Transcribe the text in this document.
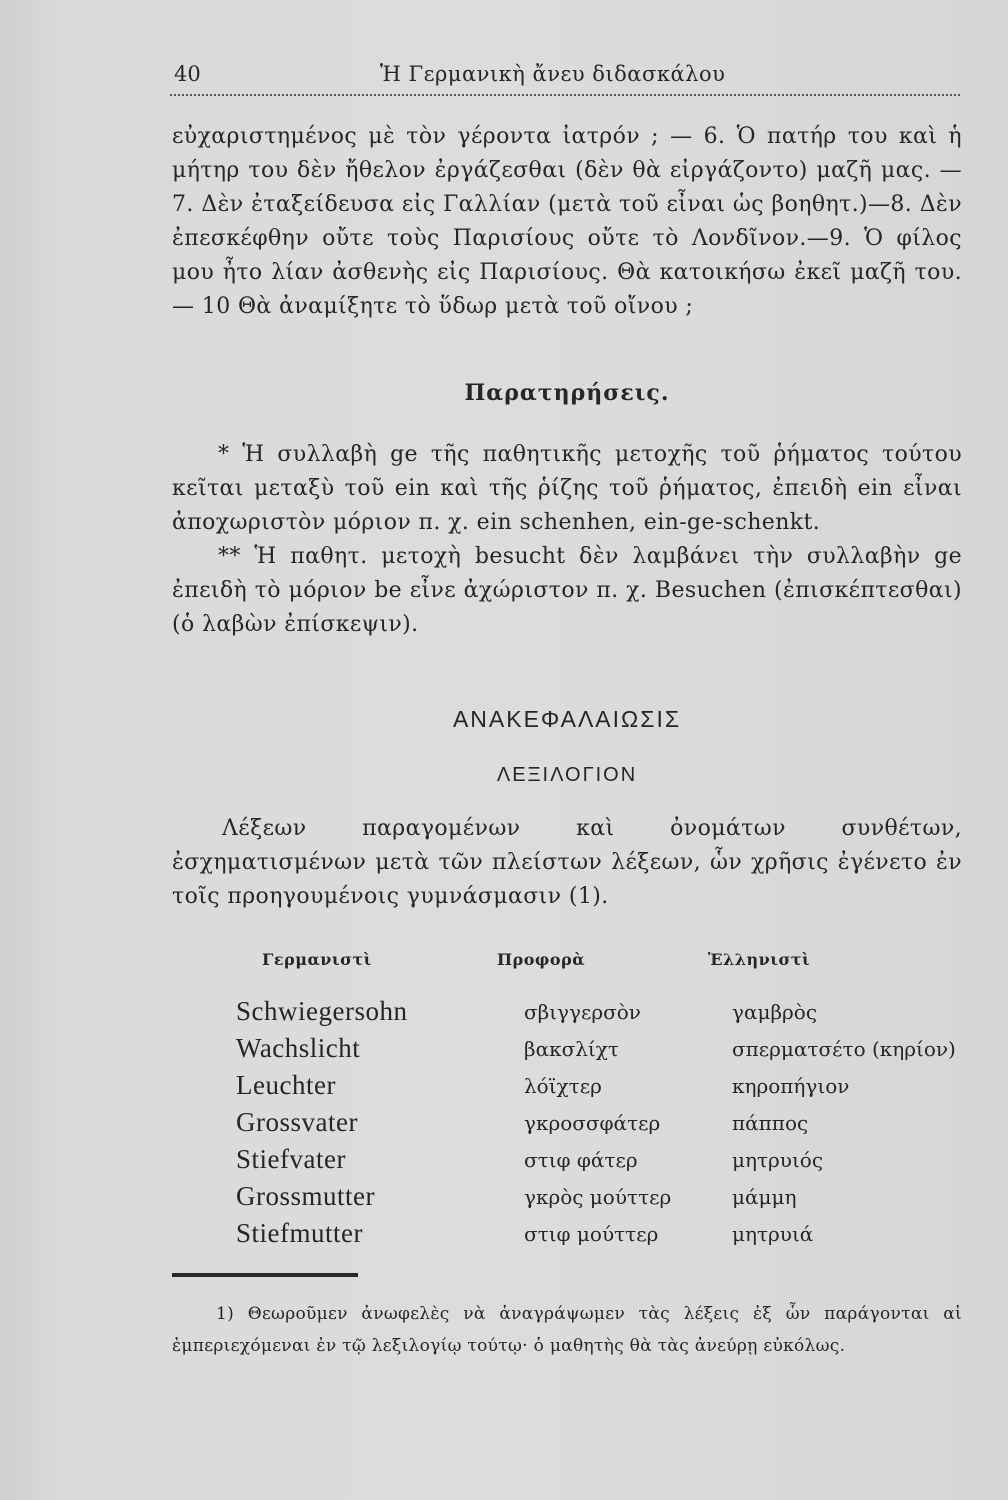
40	Ἡ Γερμανικὴ ἄνευ διδασκάλου
εὐχαριστημένος μὲ τὸν γέροντα ἰατρόν ; — 6. Ὁ πατήρ του καὶ ἡ μήτηρ του δὲν ἤθελον ἐργάζεσθαι (δὲν θὰ εἰργάζοντο) μαζῆ μας. — 7. Δὲν ἐταξείδευσα εἰς Γαλλίαν (μετὰ τοῦ εἶναι ὡς βοηθητ.)—8. Δὲν ἐπεσκέφθην οὔτε τοὺς Παρισίους οὔτε τὸ Λονδῖνον.—9. Ὁ φίλος μου ἦτο λίαν ἀσθενὴς εἰς Παρισίους. Θὰ κατοικήσω ἐκεῖ μαζῆ του.— 10 Θὰ ἀναμίξητε τὸ ὕδωρ μετὰ τοῦ οἴνου ;
Παρατηρήσεις.

* Ἡ συλλαβὴ ge τῆς παθητικῆς μετοχῆς τοῦ ῥήματος τούτου κεῖται μεταξὺ τοῦ ein καὶ τῆς ῥίζης τοῦ ῥήματος, ἐπειδὴ ein εἶναι ἀποχωριστὸν μόριον π. χ. ein schenhen, ein-ge-schenkt.

** Ἡ παθητ. μετοχὴ besucht δὲν λαμβάνει τὴν συλλαβὴν ge ἐπειδὴ τὸ μόριον be εἶνε ἀχώριστον π. χ. Besuchen (ἐπισκέπτεσθαι) (ὁ λαβὼν ἐπίσκεψιν).

ΑΝΑΚΕΦΑΛΑΙΩΣΙΣ
ΛΕΞΙΛΟΓΙΟΝ
Λέξεων παραγομένων καὶ ὀνομάτων συνθέτων, ἐσχηματισμένων μετὰ τῶν πλείστων λέξεων, ὧν χρῆσις ἐγένετο ἐν τοῖς προηγουμένοις γυμνάσμασιν (1).
Γερμανιστὶ	Προφορὰ	Ἑλληνιστὶ
Schwiegersohn	σβιγγερσὸν	γαμβρὸς
Wachslicht	βακσλίχτ	σπερματσέτο (κηρίον)
Leuchter	λόϊχτερ	κηροπήγιον
Grossvater	γκροσσφάτερ	πάππος
Stiefvater	στιφ φάτερ	μητρυιός
Grossmutter	γκρὸς μούττερ	μάμμη
Stiefmutter	στιφ μούττερ	μητρυιά
1) Θεωροῦμεν ἀνωφελὲς νὰ ἀναγράψωμεν τὰς λέξεις ἐξ ὧν παράγονται αἱ ἐμπεριεχόμεναι ἐν τῷ λεξιλογίῳ τούτῳ· ὁ μαθητὴς θὰ τὰς ἀνεύρῃ εὐκόλως.
